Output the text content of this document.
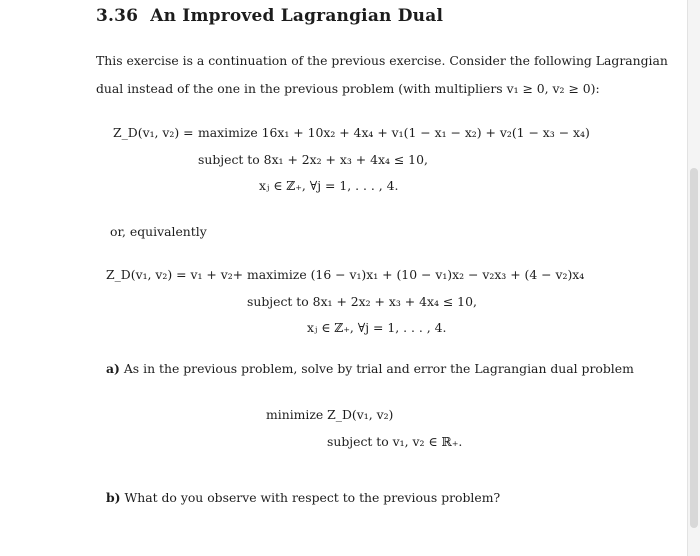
3.36 An Improved Lagrangian Dual
This exercise is a continuation of the previous exercise. Consider the following Lagrangian
dual instead of the one in the previous problem (with multipliers v₁ ≥ 0, v₂ ≥ 0):
Z_D(v₁, v₂) = maximize 16x₁ + 10x₂ + 4x₄ + v₁(1 − x₁ − x₂) + v₂(1 − x₃ − x₄)
subject to 8x₁ + 2x₂ + x₃ + 4x₄ ≤ 10,
xⱼ ∈ ℤ₊, ∀j = 1, . . . , 4.
or, equivalently
Z_D(v₁, v₂) = v₁ + v₂+ maximize (16 − v₁)x₁ + (10 − v₁)x₂ − v₂x₃ + (4 − v₂)x₄
subject to 8x₁ + 2x₂ + x₃ + 4x₄ ≤ 10,
xⱼ ∈ ℤ₊, ∀j = 1, . . . , 4.
a) As in the previous problem, solve by trial and error the Lagrangian dual problem
minimize Z_D(v₁, v₂)
subject to v₁, v₂ ∈ ℝ₊.
b) What do you observe with respect to the previous problem?
